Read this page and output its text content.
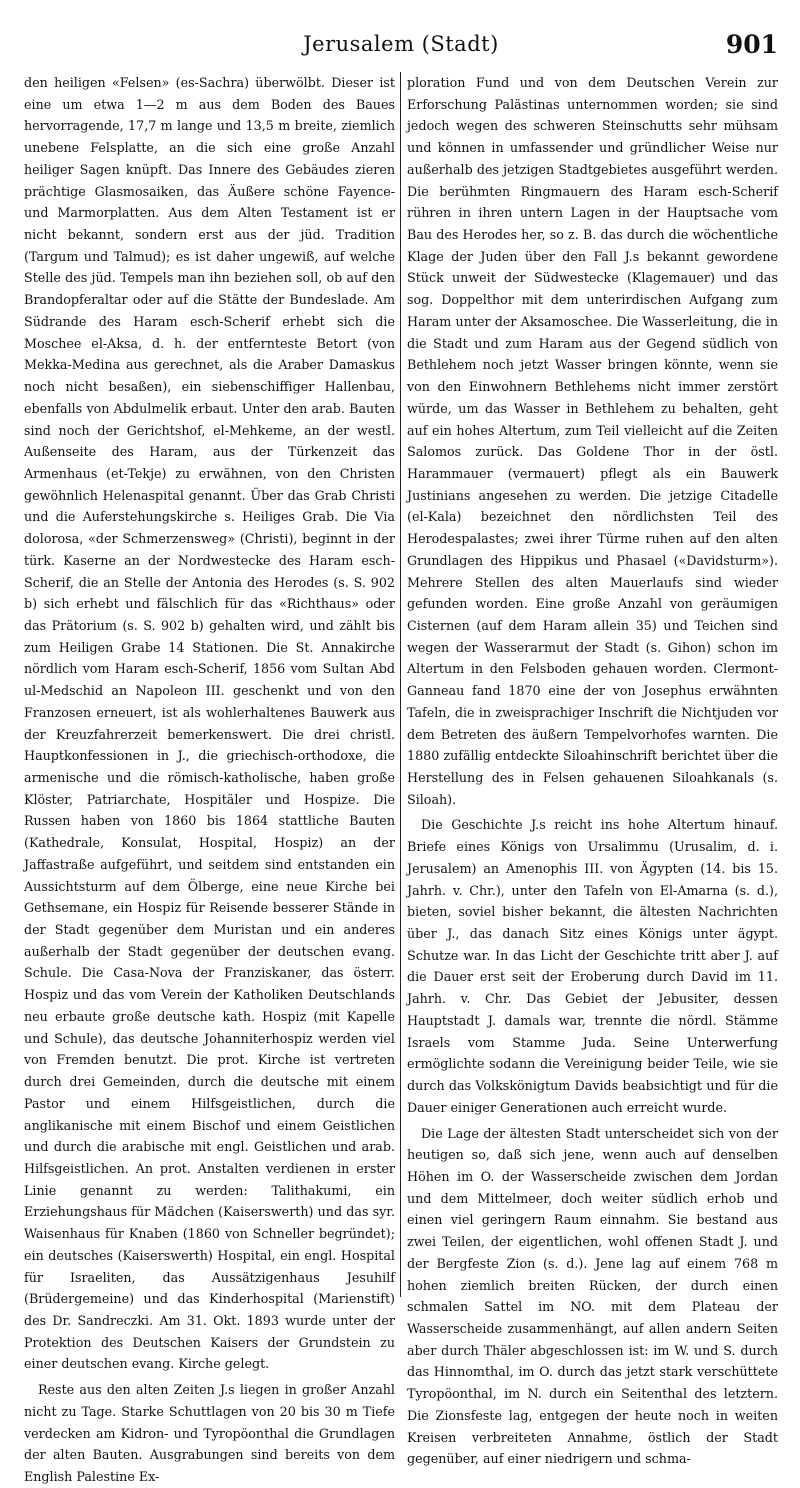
Jerusalem (Stadt)	901

den heiligen «Felsen» (es-Sachra) überwölbt. Dieser ist eine um etwa 1—2 m aus dem Boden des Baues hervorragende, 17,7 m lange und 13,5 m breite, ziemlich unebene Felsplatte, an die sich eine große Anzahl heiliger Sagen knüpft. Das Innere des Gebäudes zieren prächtige Glasmosaiken, das Äußere schöne Fayence- und Marmorplatten. Aus dem Alten Testament ist er nicht bekannt, sondern erst aus der jüd. Tradition (Targum und Talmud); es ist daher ungewiß, auf welche Stelle des jüd. Tempels man ihn beziehen soll, ob auf den Brandopferaltar oder auf die Stätte der Bundeslade. Am Südrande des Haram esch-Scherif erhebt sich die Moschee el-Aksa, d. h. der entfernteste Betort (von Mekka-Medina aus gerechnet, als die Araber Damaskus noch nicht besaßen), ein siebenschiffiger Hallenbau, ebenfalls von Abdulmelik erbaut. Unter den arab. Bauten sind noch der Gerichtshof, el-Mehkeme, an der westl. Außenseite des Haram, aus der Türkenzeit das Armenhaus (et-Tekje) zu erwähnen, von den Christen gewöhnlich Helenaspital genannt. Über das Grab Christi und die Auferstehungskirche s. Heiliges Grab. Die Via dolorosa, «der Schmerzensweg» (Christi), beginnt in der türk. Kaserne an der Nordwestecke des Haram esch-Scherif, die an Stelle der Antonia des Herodes (s. S. 902 b) sich erhebt und fälschlich für das «Richthaus» oder das Prätorium (s. S. 902 b) gehalten wird, und zählt bis zum Heiligen Grabe 14 Stationen. Die St. Annakirche nördlich vom Haram esch-Scherif, 1856 vom Sultan Abd ul-Medschid an Napoleon III. geschenkt und von den Franzosen erneuert, ist als wohlerhaltenes Bauwerk aus der Kreuzfahrerzeit bemerkenswert. Die drei christl. Hauptkonfessionen in J., die griechisch-orthodoxe, die armenische und die römisch-katholische, haben große Klöster, Patriarchate, Hospitäler und Hospize. Die Russen haben von 1860 bis 1864 stattliche Bauten (Kathedrale, Konsulat, Hospital, Hospiz) an der Jaffastraße aufgeführt, und seitdem sind entstanden ein Aussichtsturm auf dem Ölberge, eine neue Kirche bei Gethsemane, ein Hospiz für Reisende besserer Stände in der Stadt gegenüber dem Muristan und ein anderes außerhalb der Stadt gegenüber der deutschen evang. Schule. Die Casa-Nova der Franziskaner, das österr. Hospiz und das vom Verein der Katholiken Deutschlands neu erbaute große deutsche kath. Hospiz (mit Kapelle und Schule), das deutsche Johanniterhospiz werden viel von Fremden benutzt. Die prot. Kirche ist vertreten durch drei Gemeinden, durch die deutsche mit einem Pastor und einem Hilfsgeistlichen, durch die anglikanische mit einem Bischof und einem Geistlichen und durch die arabische mit engl. Geistlichen und arab. Hilfsgeistlichen. An prot. Anstalten verdienen in erster Linie genannt zu werden: Talithakumi, ein Erziehungshaus für Mädchen (Kaiserswerth) und das syr. Waisenhaus für Knaben (1860 von Schneller begründet); ein deutsches (Kaiserswerth) Hospital, ein engl. Hospital für Israeliten, das Aussätzigenhaus Jesuhilf (Brüdergemeine) und das Kinderhospital (Marienstift) des Dr. Sandreczki. Am 31. Okt. 1893 wurde unter der Protektion des Deutschen Kaisers der Grundstein zu einer deutschen evang. Kirche gelegt.

Reste aus den alten Zeiten J.s liegen in großer Anzahl nicht zu Tage. Starke Schuttlagen von 20 bis 30 m Tiefe verdecken am Kidron- und Tyropöonthal die Grundlagen der alten Bauten. Ausgrabungen sind bereits von dem English Palestine Ex-

ploration Fund und von dem Deutschen Verein zur Erforschung Palästinas unternommen worden; sie sind jedoch wegen des schweren Steinschutts sehr mühsam und können in umfassender und gründlicher Weise nur außerhalb des jetzigen Stadtgebietes ausgeführt werden. Die berühmten Ringmauern des Haram esch-Scherif rühren in ihren untern Lagen in der Hauptsache vom Bau des Herodes her, so z. B. das durch die wöchentliche Klage der Juden über den Fall J.s bekannt gewordene Stück unweit der Südwestecke (Klagemauer) und das sog. Doppelthor mit dem unterirdischen Aufgang zum Haram unter der Aksamoschee. Die Wasserleitung, die in die Stadt und zum Haram aus der Gegend südlich von Bethlehem noch jetzt Wasser bringen könnte, wenn sie von den Einwohnern Bethlehems nicht immer zerstört würde, um das Wasser in Bethlehem zu behalten, geht auf ein hohes Altertum, zum Teil vielleicht auf die Zeiten Salomos zurück. Das Goldene Thor in der östl. Harammauer (vermauert) pflegt als ein Bauwerk Justinians angesehen zu werden. Die jetzige Citadelle (el-Kala) bezeichnet den nördlichsten Teil des Herodespalastes; zwei ihrer Türme ruhen auf den alten Grundlagen des Hippikus und Phasael («Davidsturm»). Mehrere Stellen des alten Mauerlaufs sind wieder gefunden worden. Eine große Anzahl von geräumigen Cisternen (auf dem Haram allein 35) und Teichen sind wegen der Wasserarmut der Stadt (s. Gihon) schon im Altertum in den Felsboden gehauen worden. Clermont-Ganneau fand 1870 eine der von Josephus erwähnten Tafeln, die in zweisprachiger Inschrift die Nichtjuden vor dem Betreten des äußern Tempelvorhofes warnten. Die 1880 zufällig entdeckte Siloahinschrift berichtet über die Herstellung des in Felsen gehauenen Siloahkanals (s. Siloah).

Die Geschichte J.s reicht ins hohe Altertum hinauf. Briefe eines Königs von Ursalimmu (Urusalim, d. i. Jerusalem) an Amenophis III. von Ägypten (14. bis 15. Jahrh. v. Chr.), unter den Tafeln von El-Amarna (s. d.), bieten, soviel bisher bekannt, die ältesten Nachrichten über J., das danach Sitz eines Königs unter ägypt. Schutze war. In das Licht der Geschichte tritt aber J. auf die Dauer erst seit der Eroberung durch David im 11. Jahrh. v. Chr. Das Gebiet der Jebusiter, dessen Hauptstadt J. damals war, trennte die nördl. Stämme Israels vom Stamme Juda. Seine Unterwerfung ermöglichte sodann die Vereinigung beider Teile, wie sie durch das Volkskönigtum Davids beabsichtigt und für die Dauer einiger Generationen auch erreicht wurde.

Die Lage der ältesten Stadt unterscheidet sich von der heutigen so, daß sich jene, wenn auch auf denselben Höhen im O. der Wasserscheide zwischen dem Jordan und dem Mittelmeer, doch weiter südlich erhob und einen viel geringern Raum einnahm. Sie bestand aus zwei Teilen, der eigentlichen, wohl offenen Stadt J. und der Bergfeste Zion (s. d.). Jene lag auf einem 768 m hohen ziemlich breiten Rücken, der durch einen schmalen Sattel im NO. mit dem Plateau der Wasserscheide zusammenhängt, auf allen andern Seiten aber durch Thäler abgeschlossen ist: im W. und S. durch das Hinnomthal, im O. durch das jetzt stark verschüttete Tyropöonthal, im N. durch ein Seitenthal des letztern. Die Zionsfeste lag, entgegen der heute noch in weiten Kreisen verbreiteten Annahme, östlich der Stadt gegenüber, auf einer niedrigern und schma-
